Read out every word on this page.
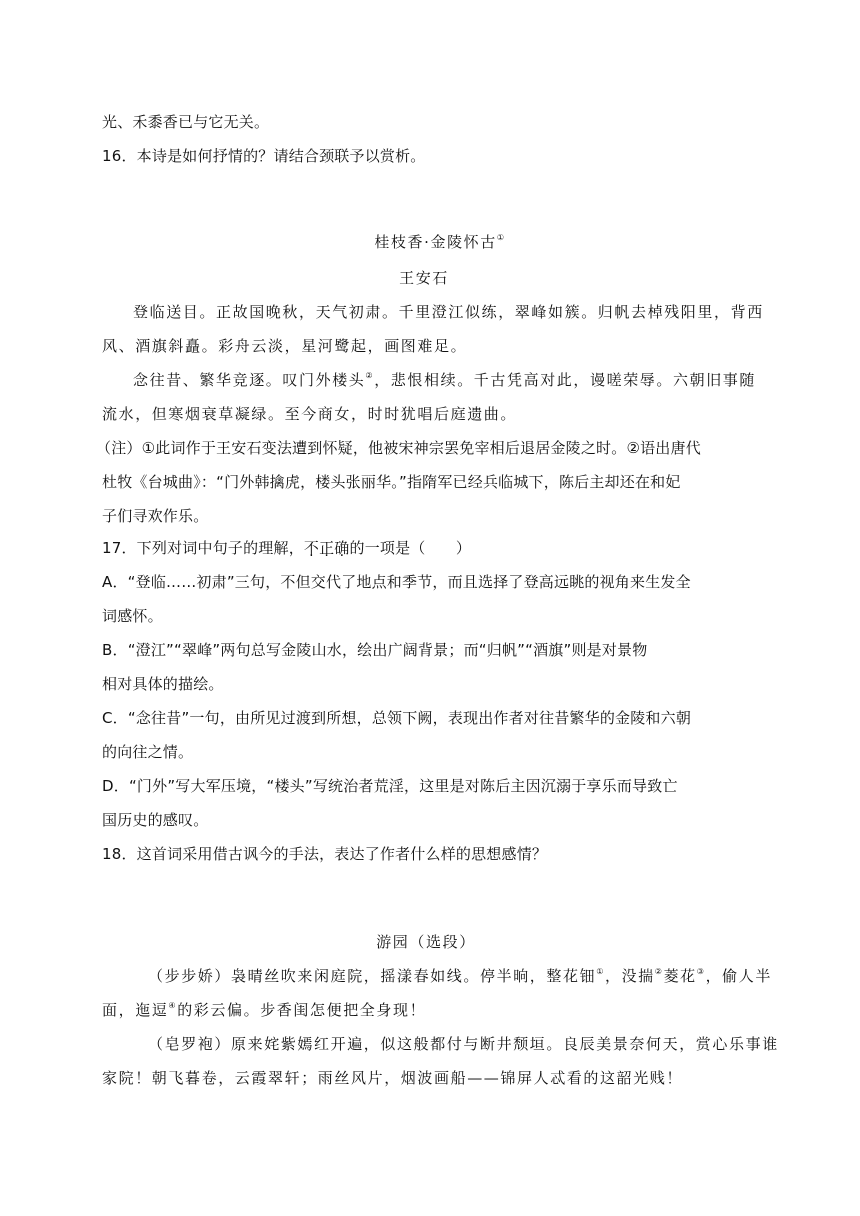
光、禾黍香已与它无关。
16．本诗是如何抒情的？请结合颈联予以赏析。
桂枝香·金陵怀古①
王安石
登临送目。正故国晚秋，天气初肃。千里澄江似练，翠峰如簇。归帆去棹残阳里，背西
风、酒旗斜矗。彩舟云淡，星河鹭起，画图难足。
念往昔、繁华竞逐。叹门外楼头②，悲恨相续。千古凭高对此，谩嗟荣辱。六朝旧事随
流水，但寒烟衰草凝绿。至今商女，时时犹唱后庭遗曲。
（注）①此词作于王安石变法遭到怀疑，他被宋神宗罢免宰相后退居金陵之时。②语出唐代
杜牧《台城曲》：“门外韩擒虎，楼头张丽华。”指隋军已经兵临城下，陈后主却还在和妃
子们寻欢作乐。
17．下列对词中句子的理解，不正确的一项是（　　）
A．“登临……初肃”三句，不但交代了地点和季节，而且选择了登高远眺的视角来生发全
词感怀。
B．“澄江”“翠峰”两句总写金陵山水，绘出广阔背景；而“归帆”“酒旗”则是对景物
相对具体的描绘。
C．“念往昔”一句，由所见过渡到所想，总领下阙，表现出作者对往昔繁华的金陵和六朝
的向往之情。
D．“门外”写大军压境，“楼头”写统治者荒淫，这里是对陈后主因沉溺于享乐而导致亡
国历史的感叹。
18．这首词采用借古讽今的手法，表达了作者什么样的思想感情？
游园（选段）
（步步娇）袅晴丝吹来闲庭院，摇漾春如线。停半晌，整花钿①，没揣②菱花③，偷人半
面，迤逗④的彩云偏。步香闺怎便把全身现！
（皂罗袍）原来姹紫嫣红开遍，似这般都付与断井颓垣。良辰美景奈何天，赏心乐事谁
家院！朝飞暮卷，云霞翠轩；雨丝风片，烟波画船——锦屏人忒看的这韶光贱！
